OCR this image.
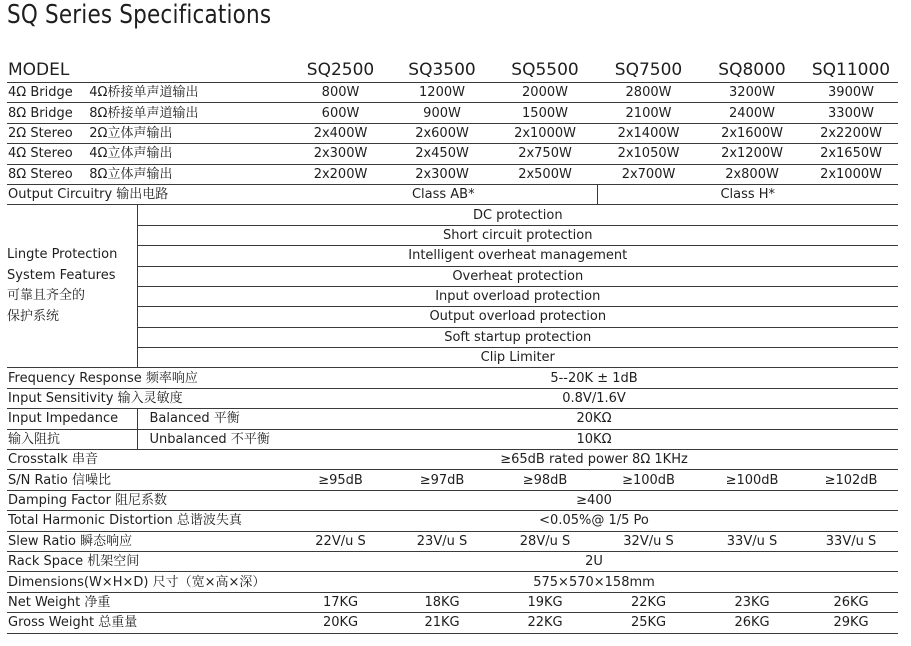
SQ Series Specifications
MODEL		SQ2500	SQ3500	SQ5500	SQ7500	SQ8000	SQ11000
4Ω Bridge 4Ω桥接单声道输出		800W	1200W	2000W	2800W	3200W	3900W
8Ω Bridge 8Ω桥接单声道输出		600W	900W	1500W	2100W	2400W	3300W
2Ω Stereo 2Ω立体声输出		2x400W	2x600W	2x1000W	2x1400W	2x1600W	2x2200W
4Ω Stereo 4Ω立体声输出		2x300W	2x450W	2x750W	2x1050W	2x1200W	2x1650W
8Ω Stereo 8Ω立体声输出		2x200W	2x300W	2x500W	2x700W	2x800W	2x1000W
Output Circuitry 输出电路		Class AB*			Class H*		

Lingte Protection
System Features
可靠且齐全的
保护系统	DC protection						
	Short circuit protection						
	Intelligent overheat management						
	Overheat protection						
	Input overload protection						
	Output overload protection						
	Soft startup protection						
	Clip Limiter						
Frequency Response 频率响应		5--20K ± 1dB					
Input Sensitivity 输入灵敏度		0.8V/1.6V					
Input Impedance	Balanced 平衡	20KΩ					
输入阻抗	Unbalanced 不平衡	10KΩ					
Crosstalk 串音		≥65dB rated power 8Ω 1KHz					
S/N Ratio 信噪比		≥95dB	≥97dB	≥98dB	≥100dB	≥100dB	≥102dB
Damping Factor 阻尼系数		≥400					
Total Harmonic Distortion 总谐波失真		<0.05%@ 1/5 Po					
Slew Ratio 瞬态响应		22V/u S	23V/u S	28V/u S	32V/u S	33V/u S	33V/u S
Rack Space 机架空间		2U					
Dimensions(W×H×D) 尺寸（宽×高×深）		575×570×158mm					
Net Weight 净重		17KG	18KG	19KG	22KG	23KG	26KG
Gross Weight 总重量		20KG	21KG	22KG	25KG	26KG	29KG
